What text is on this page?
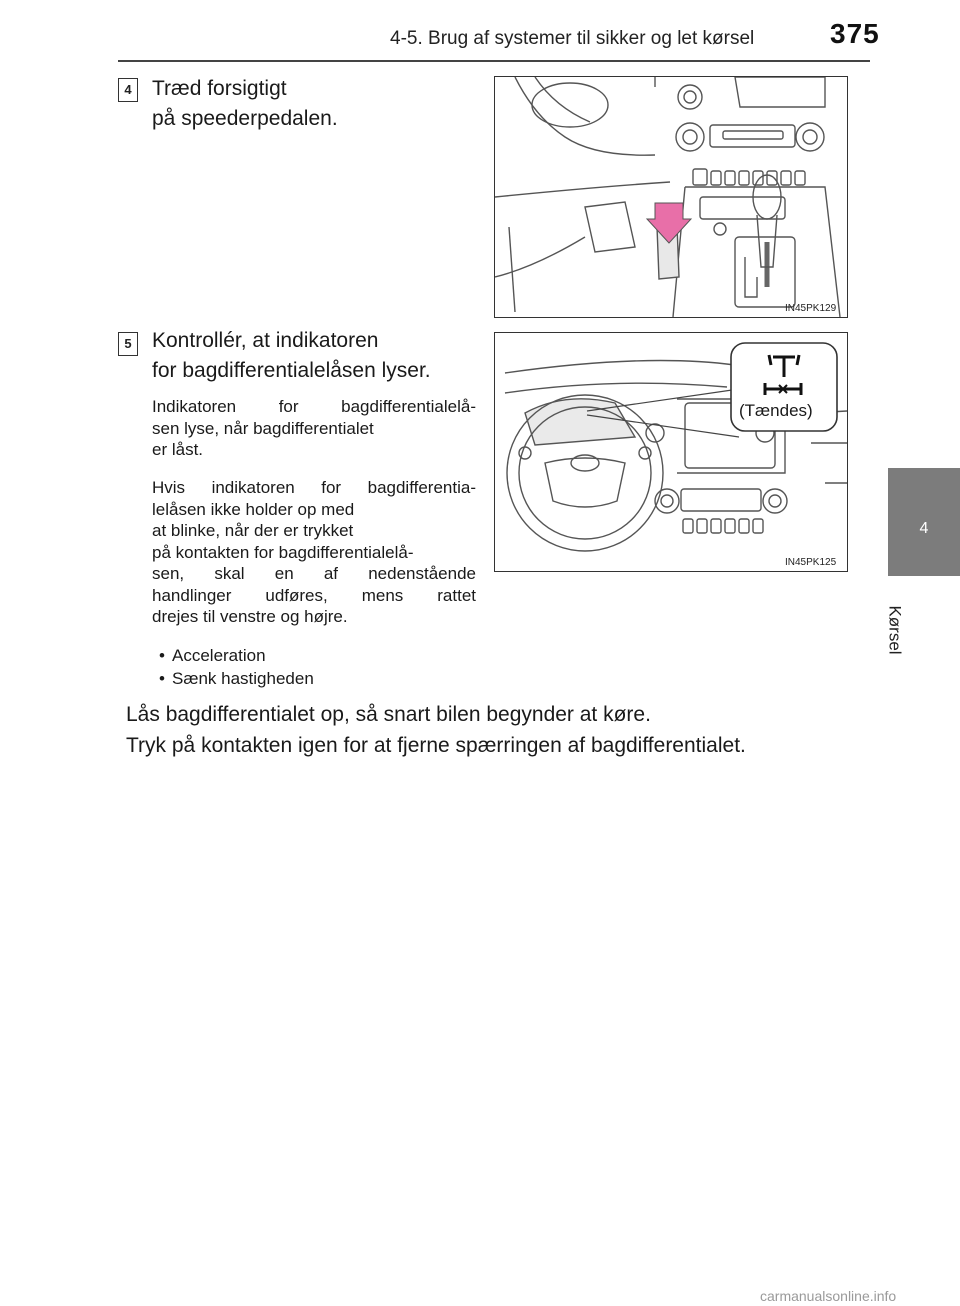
4-5. Brug af systemer til sikker og let kørsel	375
4
Kørsel
4 Træd forsigtigt
på speederpedalen.
IN45PK129
5 Kontrollér, at indikatoren
for bagdifferentialelåsen lyser.
(Tændes)
IN45PK125
Indikatoren for bagdifferentialelå-
sen lyse, når bagdifferentialet
er låst.
Hvis indikatoren for bagdifferentia-
lelåsen ikke holder op med
at blinke, når der er trykket
på kontakten for bagdifferentialelå-
sen, skal en af nedenstående
handlinger udføres, mens rattet
drejes til venstre og højre.
• Acceleration
• Sænk hastigheden
Lås bagdifferentialet op, så snart bilen begynder at køre.
Tryk på kontakten igen for at fjerne spærringen af bagdifferentialet.
carmanualsonline.info
